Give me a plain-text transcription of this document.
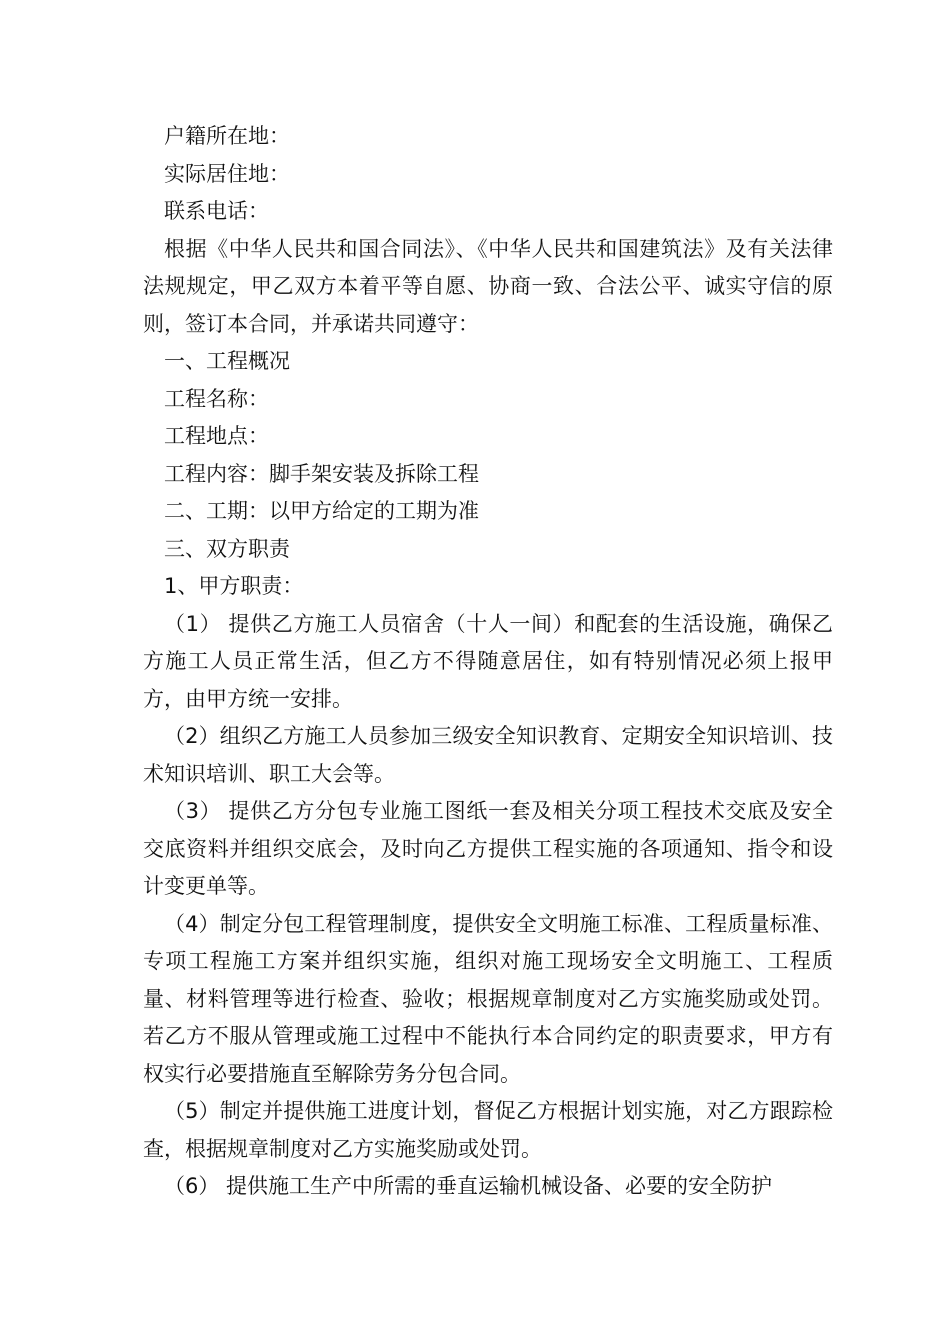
户籍所在地：

实际居住地：

联系电话：

根据《中华人民共和国合同法》、《中华人民共和国建筑法》及有关法律法规规定，甲乙双方本着平等自愿、协商一致、合法公平、诚实守信的原则，签订本合同，并承诺共同遵守：

一、工程概况

工程名称：

工程地点：

工程内容：脚手架安装及拆除工程

二、工期：以甲方给定的工期为准

三、双方职责

1、甲方职责：

（1） 提供乙方施工人员宿舍（十人一间）和配套的生活设施，确保乙方施工人员正常生活，但乙方不得随意居住，如有特别情况必须上报甲方，由甲方统一安排。

（2）组织乙方施工人员参加三级安全知识教育、定期安全知识培训、技术知识培训、职工大会等。

（3） 提供乙方分包专业施工图纸一套及相关分项工程技术交底及安全交底资料并组织交底会，及时向乙方提供工程实施的各项通知、指令和设计变更单等。

（4）制定分包工程管理制度，提供安全文明施工标准、工程质量标准、专项工程施工方案并组织实施，组织对施工现场安全文明施工、工程质量、材料管理等进行检查、验收；根据规章制度对乙方实施奖励或处罚。若乙方不服从管理或施工过程中不能执行本合同约定的职责要求，甲方有权实行必要措施直至解除劳务分包合同。

（5）制定并提供施工进度计划，督促乙方根据计划实施，对乙方跟踪检查，根据规章制度对乙方实施奖励或处罚。

（6） 提供施工生产中所需的垂直运输机械设备、必要的安全防护
